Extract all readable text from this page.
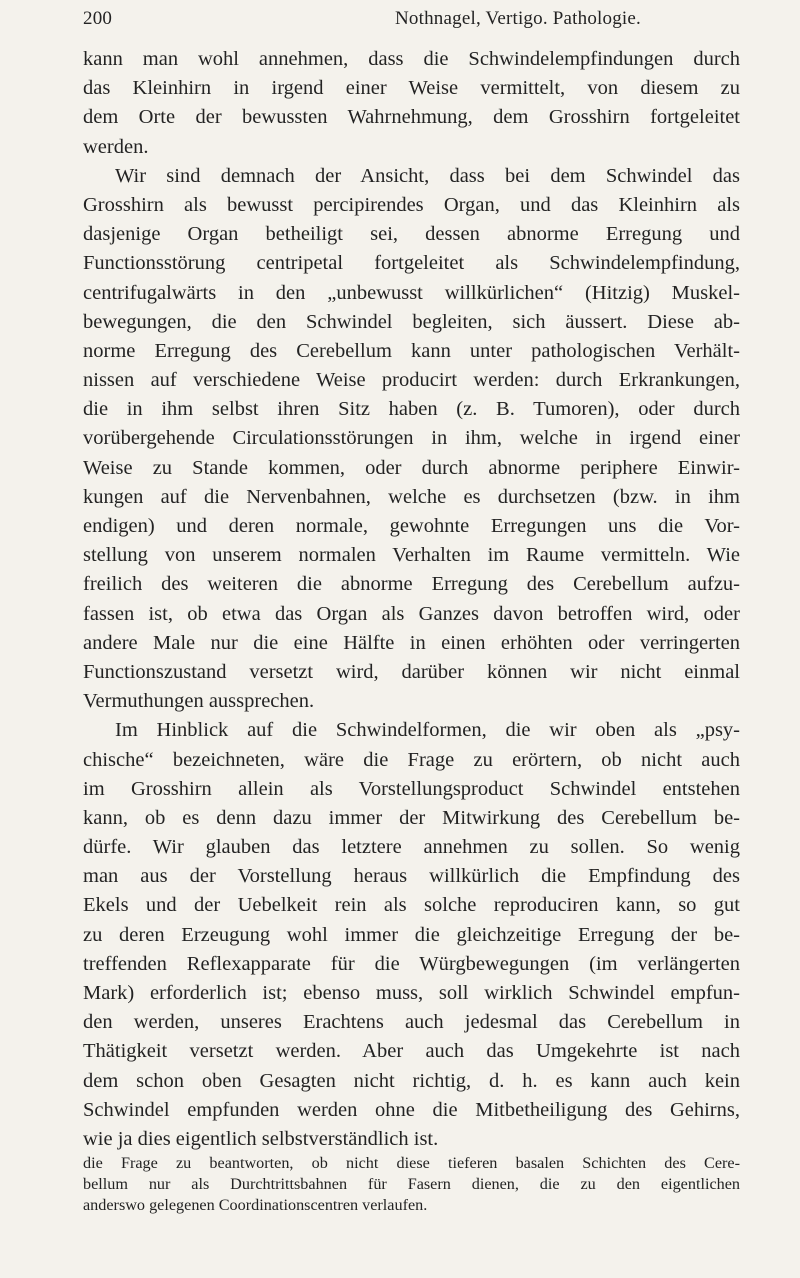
200	Nothnagel, Vertigo. Pathologie.
kann man wohl annehmen, dass die Schwindelempfindungen durch
das Kleinhirn in irgend einer Weise vermittelt, von diesem zu
dem Orte der bewussten Wahrnehmung, dem Grosshirn fortgeleitet
werden.
Wir sind demnach der Ansicht, dass bei dem Schwindel das
Grosshirn als bewusst percipirendes Organ, und das Kleinhirn als
dasjenige Organ betheiligt sei, dessen abnorme Erregung und
Functionsstörung centripetal fortgeleitet als Schwindelempfindung,
centrifugalwärts in den „unbewusst willkürlichen“ (Hitzig) Muskel-
bewegungen, die den Schwindel begleiten, sich äussert. Diese ab-
norme Erregung des Cerebellum kann unter pathologischen Verhält-
nissen auf verschiedene Weise producirt werden: durch Erkrankungen,
die in ihm selbst ihren Sitz haben (z. B. Tumoren), oder durch
vorübergehende Circulationsstörungen in ihm, welche in irgend einer
Weise zu Stande kommen, oder durch abnorme periphere Einwir-
kungen auf die Nervenbahnen, welche es durchsetzen (bzw. in ihm
endigen) und deren normale, gewohnte Erregungen uns die Vor-
stellung von unserem normalen Verhalten im Raume vermitteln. Wie
freilich des weiteren die abnorme Erregung des Cerebellum aufzu-
fassen ist, ob etwa das Organ als Ganzes davon betroffen wird, oder
andere Male nur die eine Hälfte in einen erhöhten oder verringerten
Functionszustand versetzt wird, darüber können wir nicht einmal
Vermuthungen aussprechen.
Im Hinblick auf die Schwindelformen, die wir oben als „psy-
chische“ bezeichneten, wäre die Frage zu erörtern, ob nicht auch
im Grosshirn allein als Vorstellungsproduct Schwindel entstehen
kann, ob es denn dazu immer der Mitwirkung des Cerebellum be-
dürfe. Wir glauben das letztere annehmen zu sollen. So wenig
man aus der Vorstellung heraus willkürlich die Empfindung des
Ekels und der Uebelkeit rein als solche reproduciren kann, so gut
zu deren Erzeugung wohl immer die gleichzeitige Erregung der be-
treffenden Reflexapparate für die Würgbewegungen (im verlängerten
Mark) erforderlich ist; ebenso muss, soll wirklich Schwindel empfun-
den werden, unseres Erachtens auch jedesmal das Cerebellum in
Thätigkeit versetzt werden. Aber auch das Umgekehrte ist nach
dem schon oben Gesagten nicht richtig, d. h. es kann auch kein
Schwindel empfunden werden ohne die Mitbetheiligung des Gehirns,
wie ja dies eigentlich selbstverständlich ist.
die Frage zu beantworten, ob nicht diese tieferen basalen Schichten des Cere-
bellum nur als Durchtrittsbahnen für Fasern dienen, die zu den eigentlichen
anderswo gelegenen Coordinationscentren verlaufen.
